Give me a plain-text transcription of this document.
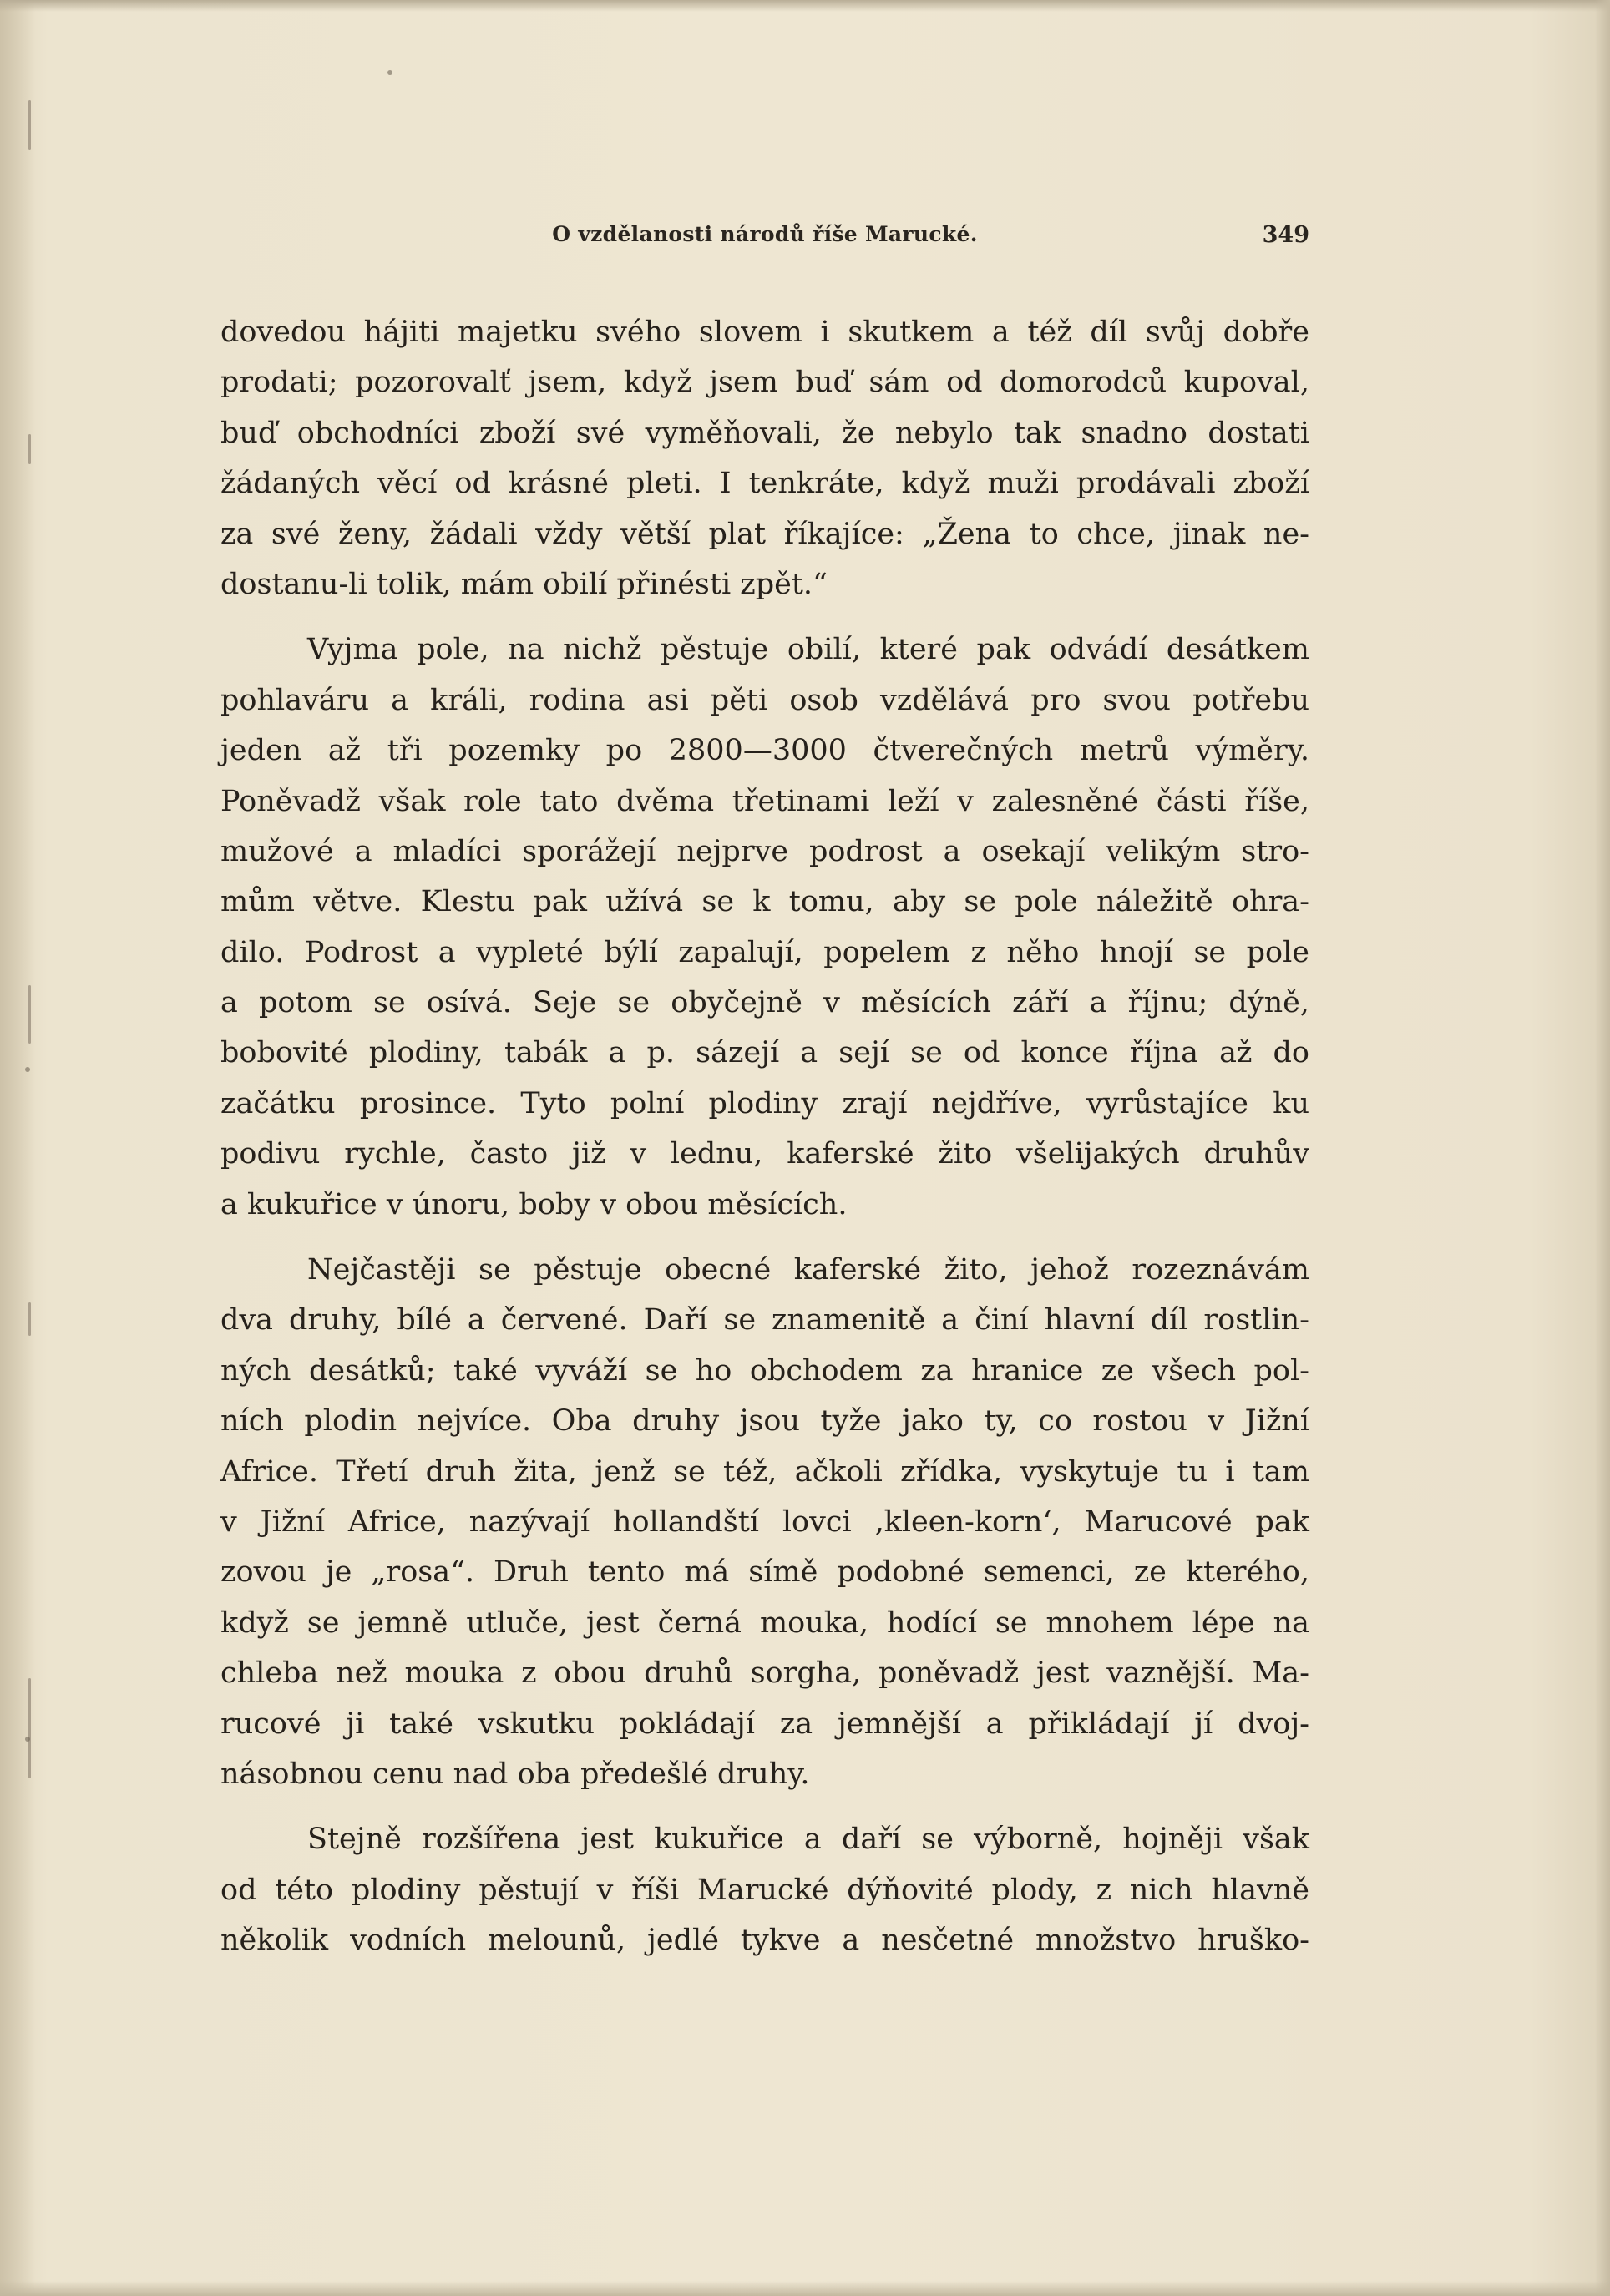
O vzdělanosti národů říše Marucké.	349
dovedou hájiti majetku svého slovem i skutkem a též díl svůj dobře
prodati; pozorovalť jsem, když jsem buď sám od domorodců kupoval,
buď obchodníci zboží své vyměňovali, že nebylo tak snadno dostati
žádaných věcí od krásné pleti. I tenkráte, když muži prodávali zboží
za své ženy, žádali vždy větší plat říkajíce: „Žena to chce, jinak ne-
dostanu-li tolik, mám obilí přinésti zpět.“
Vyjma pole, na nichž pěstuje obilí, které pak odvádí desátkem
pohlaváru a králi, rodina asi pěti osob vzdělává pro svou potřebu
jeden až tři pozemky po 2800—3000 čtverečných metrů výměry.
Poněvadž však role tato dvěma třetinami leží v zalesněné části říše,
mužové a mladíci sporážejí nejprve podrost a osekají velikým stro-
mům větve. Klestu pak užívá se k tomu, aby se pole náležitě ohra-
dilo. Podrost a vypleté býlí zapalují, popelem z něho hnojí se pole
a potom se osívá. Seje se obyčejně v měsících září a říjnu; dýně,
bobovité plodiny, tabák a p. sázejí a sejí se od konce října až do
začátku prosince. Tyto polní plodiny zrají nejdříve, vyrůstajíce ku
podivu rychle, často již v lednu, kaferské žito všelijakých druhův
a kukuřice v únoru, boby v obou měsících.
Nejčastěji se pěstuje obecné kaferské žito, jehož rozeznávám
dva druhy, bílé a červené. Daří se znamenitě a činí hlavní díl rostlin-
ných desátků; také vyváží se ho obchodem za hranice ze všech pol-
ních plodin nejvíce. Oba druhy jsou tyže jako ty, co rostou v Jižní
Africe. Třetí druh žita, jenž se též, ačkoli zřídka, vyskytuje tu i tam
v Jižní Africe, nazývají hollandští lovci ‚kleen-korn‘, Marucové pak
zovou je „rosa“. Druh tento má símě podobné semenci, ze kterého,
když se jemně utluče, jest černá mouka, hodící se mnohem lépe na
chleba než mouka z obou druhů sorgha, poněvadž jest vaznější. Ma-
rucové ji také vskutku pokládají za jemnější a přikládají jí dvoj-
násobnou cenu nad oba předešlé druhy.
Stejně rozšířena jest kukuřice a daří se výborně, hojněji však
od této plodiny pěstují v říši Marucké dýňovité plody, z nich hlavně
několik vodních melounů, jedlé tykve a nesčetné množstvo hruško-
